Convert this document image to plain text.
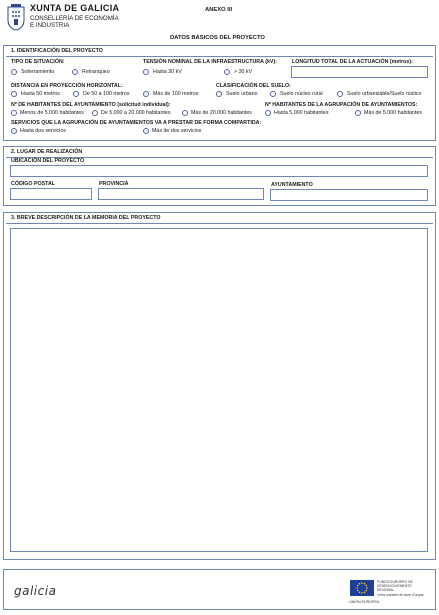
XUNTA DE GALICIA
CONSELLERÍA DE ECONOMÍA
E INDUSTRIA
ANEXO III
DATOS BÁSICOS DEL PROYECTO
1. IDENTIFICACIÓN DEL PROYECTO
TIPO DE SITUACIÓN:
Soterramiento	Retranqueo
TENSIÓN NOMINAL DE LA INFRAESTRUCTURA (kV):
Hasta 30 kV	> 30 kV
LONGITUD TOTAL DE LA ACTUACIÓN (metros):
DISTANCIA EN PROYECCIÓN HORIZONTAL:
Hasta 50 metros	De 50 a 100 metros	Más de 100 metros
CLASIFICACIÓN DEL SUELO:
Suelo urbano	Suelo núcleo rural	Suelo urbanizable/Suelo rústico
Nº DE HABITANTES DEL AYUNTAMIENTO (solicitud individual):
Menos de 5.000 habitantes	De 5.000 a 20.000 habitantes	Más de 20.000 habitantes
Nº HABITANTES DE LA AGRUPACIÓN DE AYUNTAMIENTOS:
Hasta 5.000 habitantes	Más de 5.000 habitantes
SERVICIOS QUE LA AGRUPACIÓN DE AYUNTAMIENTOS VA A PRESTAR DE FORMA COMPARTIDA:
Hasta dos servicios	Más de dos servicios
2. LUGAR DE REALIZACIÓN
UBICACIÓN DEL PROYECTO
CÓDIGO POSTAL	PROVINCIA	AYUNTAMIENTO
3. BREVE DESCRIPCIÓN DE LA MEMORIA DEL PROYECTO
galicia
FONDO EUROPEO DE
DESENVOLVEMENTO
REXIONAL
Unha maneira de facer Europa
UNIÓN EUROPEA
